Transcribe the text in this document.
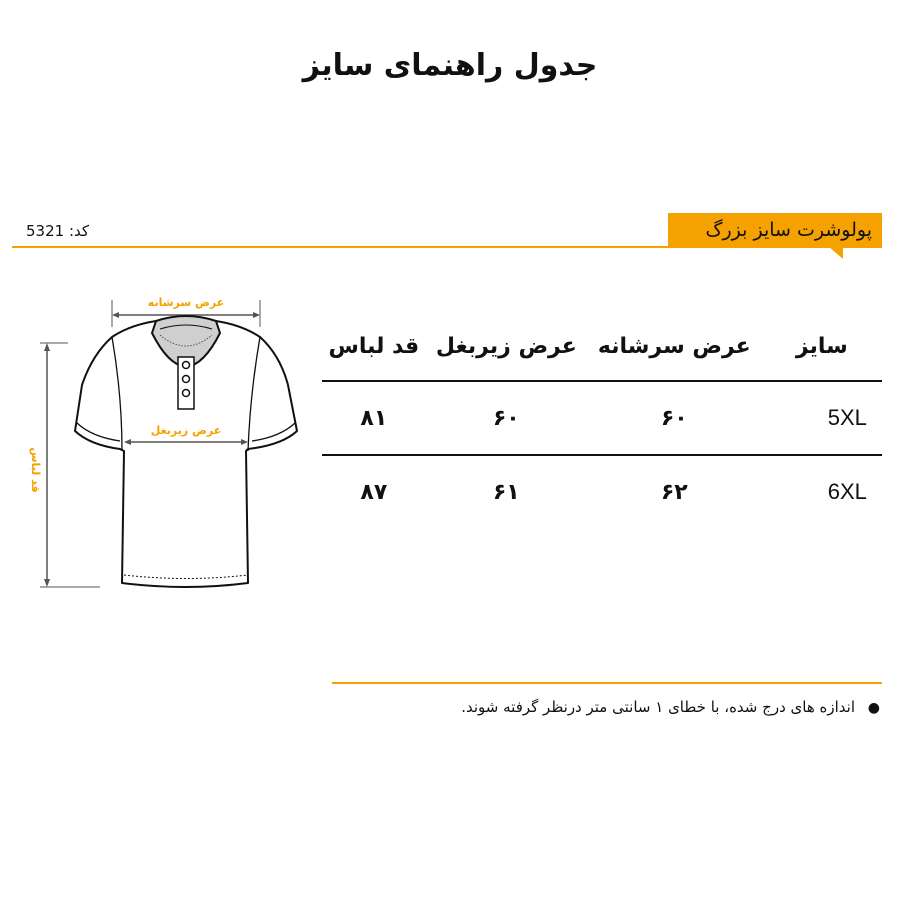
جدول راهنمای سایز
کد: 5321	پولوشرت سایز بزرگ
عرض سرشانه
قد لباس
عرض زیربغل
سایز	عرض سرشانه	عرض زیربغل	قد لباس
5XL	۶۰	۶۰	۸۱
6XL	۶۲	۶۱	۸۷
● اندازه های درج شده، با خطای ۱ سانتی متر درنظر گرفته شوند.
